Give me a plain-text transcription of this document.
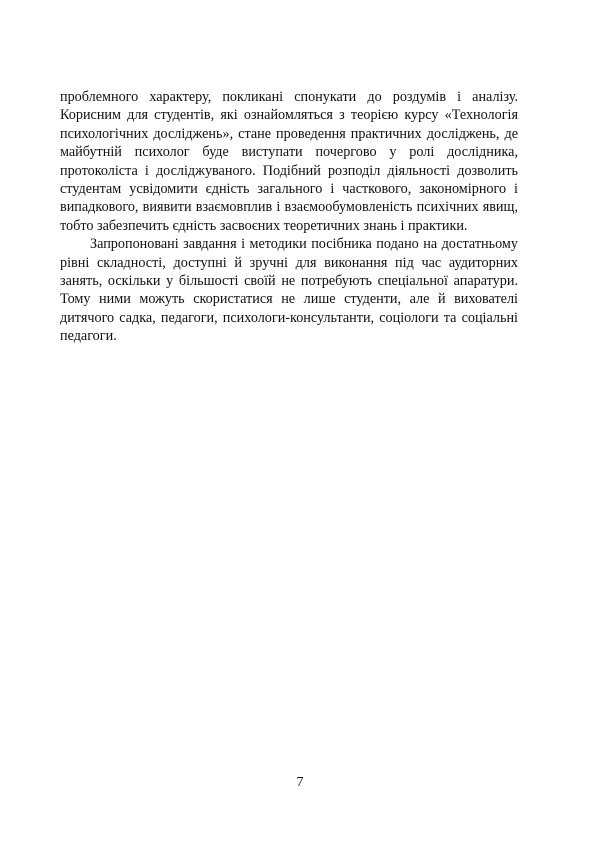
проблемного характеру, покликані спонукати до роздумів і аналізу. Корисним для студентів, які ознайомляться з теорією курсу «Технологія психологічних досліджень», стане проведення практичних досліджень, де майбутній психолог буде виступати почергово у ролі дослідника, протоколіста і досліджуваного. Подібний розподіл діяльності дозволить студентам усвідомити єдність загального і часткового, закономірного і випадкового, виявити взаємовплив і взаємообумовленість психічних явищ, тобто забезпечить єдність засвоєних теоретичних знань і практики.

Запропоновані завдання і методики посібника подано на достатньому рівні складності, доступні й зручні для виконання під час аудиторних занять, оскільки у більшості своїй не потребують спеціальної апаратури. Тому ними можуть скористатися не лише студенти, але й вихователі дитячого садка, педагоги, психологи-консультанти, соціологи та соціальні педагоги.

7
